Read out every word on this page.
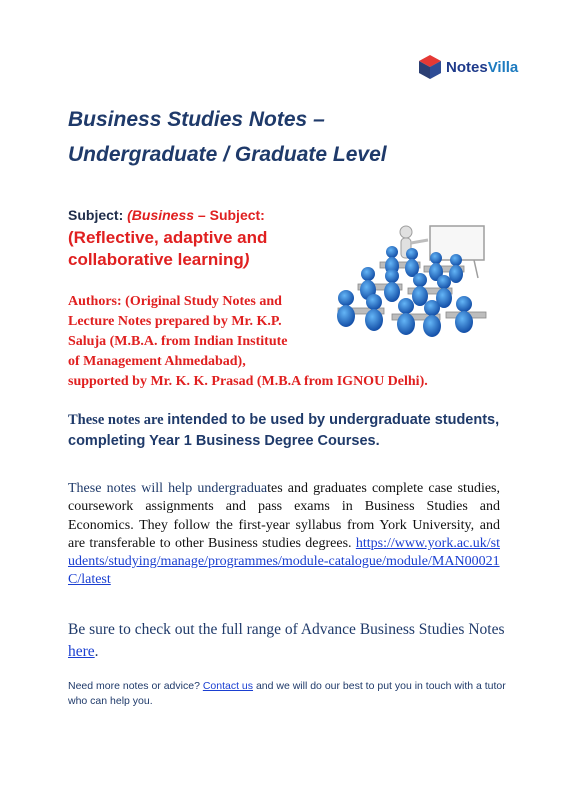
NotesVilla
Business Studies Notes –
Undergraduate / Graduate Level
Subject: (Business – Subject:
(Reflective, adaptive and
collaborative learning)
Authors: (Original Study Notes and
Lecture Notes prepared by Mr. K.P.
Saluja (M.B.A. from Indian Institute
of Management Ahmedabad),
supported by Mr. K. K. Prasad (M.B.A from IGNOU Delhi).
These notes are intended to be used by undergraduate students, completing Year 1 Business Degree Courses.
These notes will help undergraduates and graduates complete case studies, coursework assignments and pass exams in Business Studies and Economics. They follow the first-year syllabus from York University, and are transferable to other Business studies degrees. https://www.york.ac.uk/students/studying/manage/programmes/module-catalogue/module/MAN00021C/latest
Be sure to check out the full range of Advance Business Studies Notes here.
Need more notes or advice? Contact us and we will do our best to put you in touch with a tutor who can help you.
